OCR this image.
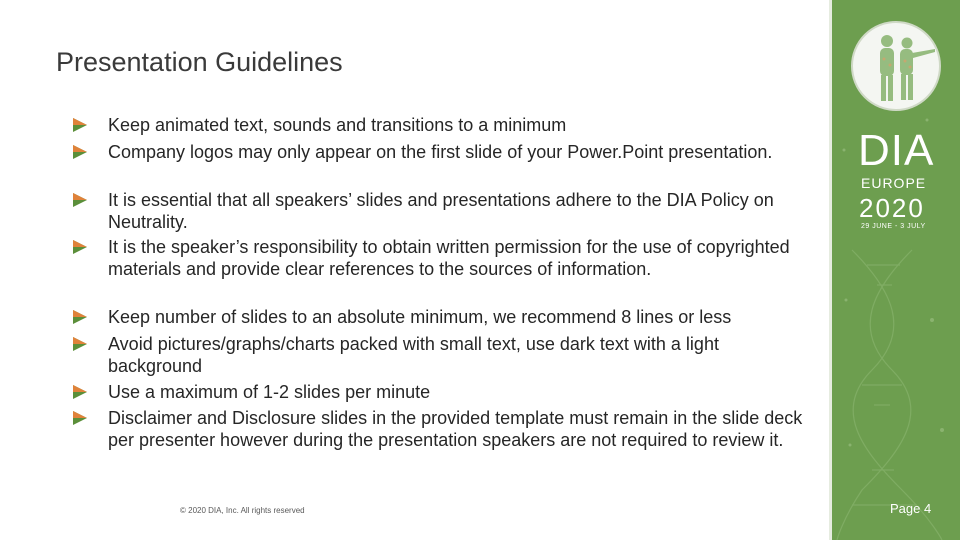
Presentation Guidelines
Keep animated text, sounds and transitions to a minimum
Company logos may only appear on the first slide of your Power.Point presentation.
It is essential that all speakers’ slides and presentations adhere to the DIA Policy on Neutrality.
It is the speaker’s responsibility to obtain written permission for the use of copyrighted materials and provide clear references to the sources of information.
Keep number of slides to an absolute minimum, we recommend 8 lines or less
Avoid pictures/graphs/charts packed with small text, use dark text with a light background
Use a maximum of 1-2 slides per minute
Disclaimer and Disclosure slides in the provided template must remain in the slide deck per presenter however during the presentation speakers are not required to review it.
© 2020 DIA, Inc. All rights reserved
DIA
EUROPE
2020
29 JUNE - 3 JULY
Page 4
